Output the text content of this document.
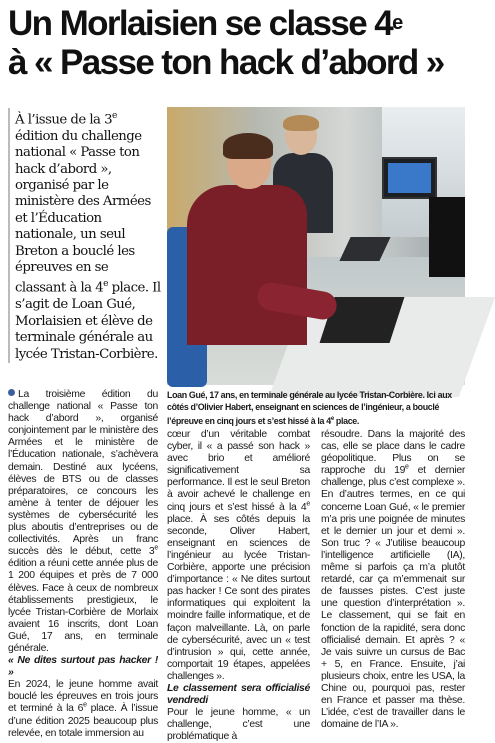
Un Morlaisien se classe 4e
à « Passe ton hack d’abord »
À l’issue de la 3e édition du challenge national « Passe ton hack d’abord », organisé par le ministère des Armées et l’Éducation nationale, un seul Breton a bouclé les épreuves en se classant à la 4e place. Il s’agit de Loan Gué, Morlaisien et élève de terminale générale au lycée Tristan-Corbière.
Loan Gué, 17 ans, en terminale générale au lycée Tristan-Corbière. Ici aux côtés d’Olivier Habert, enseignant en sciences de l’ingénieur, a bouclé l’épreuve en cinq jours et s’est hissé à la 4e place.

La troisième édition du challenge national « Passe ton hack d’abord », organisé conjointement par le ministère des Armées et le ministère de l’Éducation nationale, s’achèvera demain. Destiné aux lycéens, élèves de BTS ou de classes préparatoires, ce concours les amène à tenter de déjouer les systèmes de cybersécurité les plus aboutis d’entreprises ou de collectivités. Après un franc succès dès le début, cette 3e édition a réuni cette année plus de 1 200 équipes et près de 7 000 élèves. Face à ceux de nombreux établissements prestigieux, le lycée Tristan-Corbière de Morlaix avaient 16 inscrits, dont Loan Gué, 17 ans, en terminale générale.

« Ne dites surtout pas hacker ! »

En 2024, le jeune homme avait bouclé les épreuves en trois jours et terminé à la 6e place. À l’issue d’une édition 2025 beaucoup plus relevée, en totale immersion au

cœur d’un véritable combat cyber, il « a passé son hack » avec brio et amélioré significativement sa performance. Il est le seul Breton à avoir achevé le challenge en cinq jours et s’est hissé à la 4e place. À ses côtés depuis la seconde, Oliver Habert, enseignant en sciences de l’ingénieur au lycée Tristan-Corbière, apporte une précision d’importance : « Ne dites surtout pas hacker ! Ce sont des pirates informatiques qui exploitent la moindre faille informatique, et de façon malveillante. Là, on parle de cybersécurité, avec un « test d’intrusion » qui, cette année, comportait 19 étapes, appelées challenges ».

Le classement sera officialisé vendredi

Pour le jeune homme, « un challenge, c’est une problématique à

résoudre. Dans la majorité des cas, elle se place dans le cadre géopolitique. Plus on se rapproche du 19e et dernier challenge, plus c’est complexe ». En d’autres termes, en ce qui concerne Loan Gué, « le premier m’a pris une poignée de minutes et le dernier un jour et demi ». Son truc ? « J’utilise beaucoup l’intelligence artificielle (IA), même si parfois ça m’a plutôt retardé, car ça m’emmenait sur de fausses pistes. C’est juste une question d’interprétation ». Le classement, qui se fait en fonction de la rapidité, sera donc officialisé demain. Et après ? « Je vais suivre un cursus de Bac + 5, en France. Ensuite, j’ai plusieurs choix, entre les USA, la Chine ou, pourquoi pas, rester en France et passer ma thèse. L’idée, c’est de travailler dans le domaine de l’IA ».
